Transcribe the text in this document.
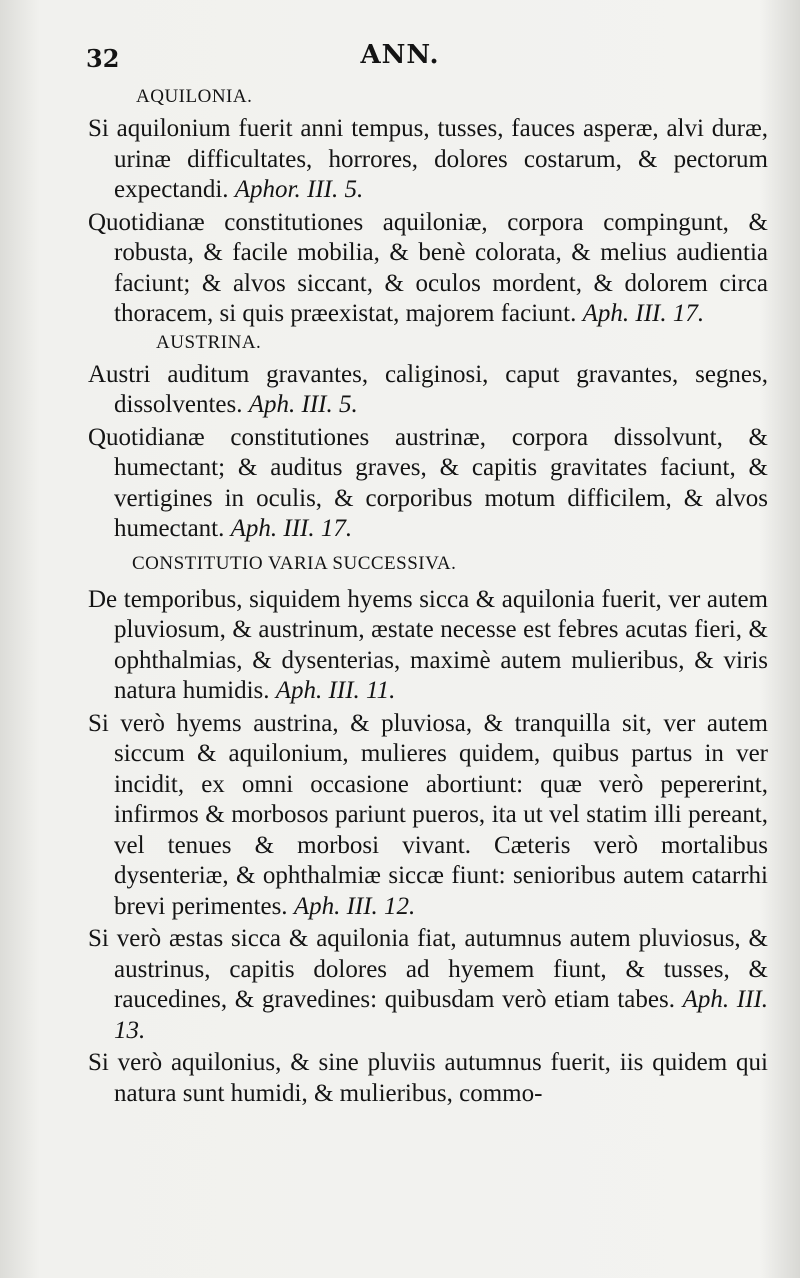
32	ANN.
AQUILONIA.

Si aquilonium fuerit anni tempus, tusses, fauces asperæ, alvi duræ, urinæ difficultates, horrores, dolores costarum, & pectorum expectandi. Aphor. III. 5.

Quotidianæ constitutiones aquiloniæ, corpora compingunt, & robusta, & facile mobilia, & benè colorata, & melius audientia faciunt; & alvos siccant, & oculos mordent, & dolorem circa thoracem, si quis præexistat, majorem faciunt. Aph. III. 17.

AUSTRINA.

Austri auditum gravantes, caliginosi, caput gravantes, segnes, dissolventes. Aph. III. 5.

Quotidianæ constitutiones austrinæ, corpora dissolvunt, & humectant; & auditus graves, & capitis gravitates faciunt, & vertigines in oculis, & corporibus motum difficilem, & alvos humectant. Aph. III. 17.

CONSTITUTIO VARIA SUCCESSIVA.

De temporibus, siquidem hyems sicca & aquilonia fuerit, ver autem pluviosum, & austrinum, æstate necesse est febres acutas fieri, & ophthalmias, & dysenterias, maximè autem mulieribus, & viris natura humidis. Aph. III. 11.

Si verò hyems austrina, & pluviosa, & tranquilla sit, ver autem siccum & aquilonium, mulieres quidem, quibus partus in ver incidit, ex omni occasione abortiunt: quæ verò pepererint, infirmos & morbosos pariunt pueros, ita ut vel statim illi pereant, vel tenues & morbosi vivant. Cæteris verò mortalibus dysenteriæ, & ophthalmiæ siccæ fiunt: senioribus autem catarrhi brevi perimentes. Aph. III. 12.

Si verò æstas sicca & aquilonia fiat, autumnus autem pluviosus, & austrinus, capitis dolores ad hyemem fiunt, & tusses, & raucedines, & gravedines: quibusdam verò etiam tabes. Aph. III. 13.

Si verò aquilonius, & sine pluviis autumnus fuerit, iis quidem qui natura sunt humidi, & mulieribus, commo-
